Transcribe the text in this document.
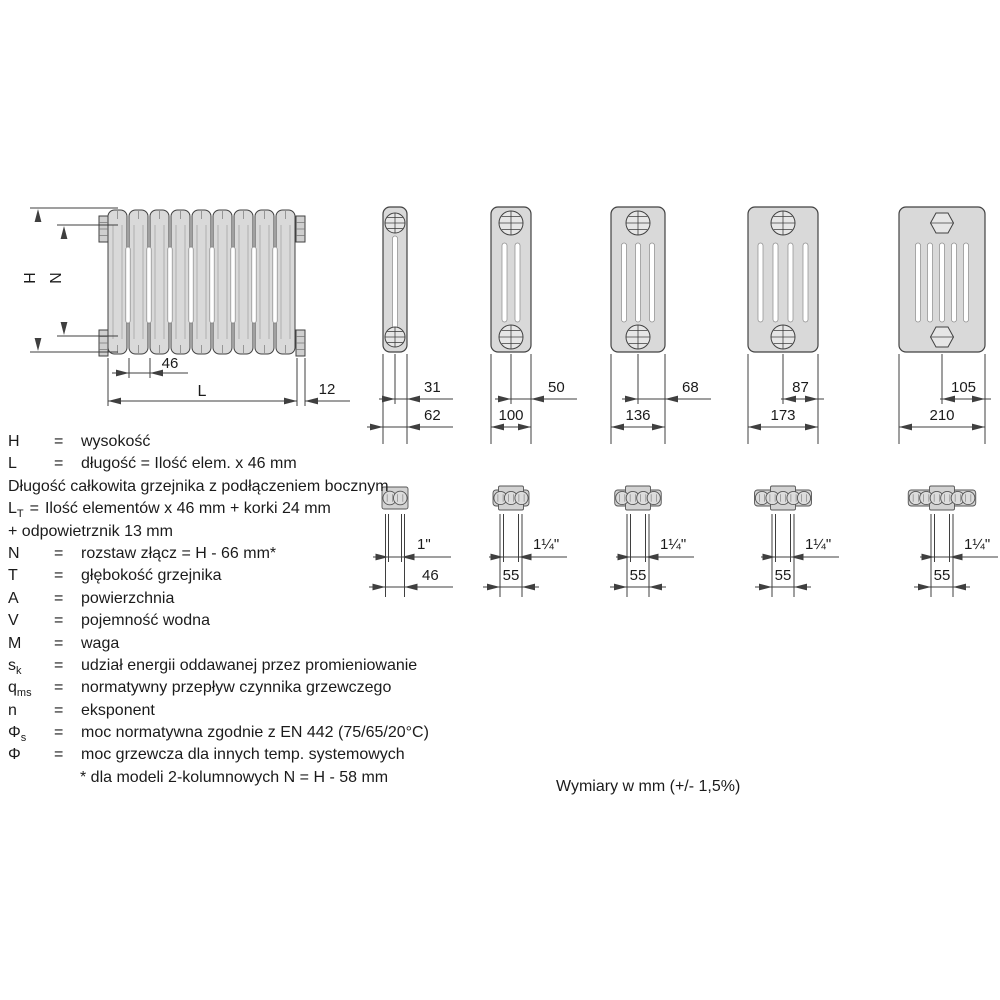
H N
46
L	12	31
62
1"
46
50
100
1¼"
55
68
136
1¼"
55
87
173
1¼"
55
105
210
1¼"
55
H	=	wysokość
L	=	długość = Ilość elem. x 46 mm
Długość całkowita grzejnika z podłączeniem bocznym
$L_T$ = Ilość elementów x 46 mm + korki 24 mm
+ odpowietrznik 13 mm
N	=	rozstaw złącz = H - 66 mm*
T	=	głębokość grzejnika
A	=	powierzchnia
V	=	pojemność wodna
M	=	waga
$s_k$	=	udział energii oddawanej przez promieniowanie
$q_{ms}$	=	normatywny przepływ czynnika grzewczego
n	=	eksponent
$\Phi_s$	=	moc normatywna zgodnie z EN 442 (75/65/20°C)
Φ	=	moc grzewcza dla innych temp. systemowych
* dla modeli 2-kolumnowych N = H - 58 mm
Wymiary w mm (+/- 1,5%)
